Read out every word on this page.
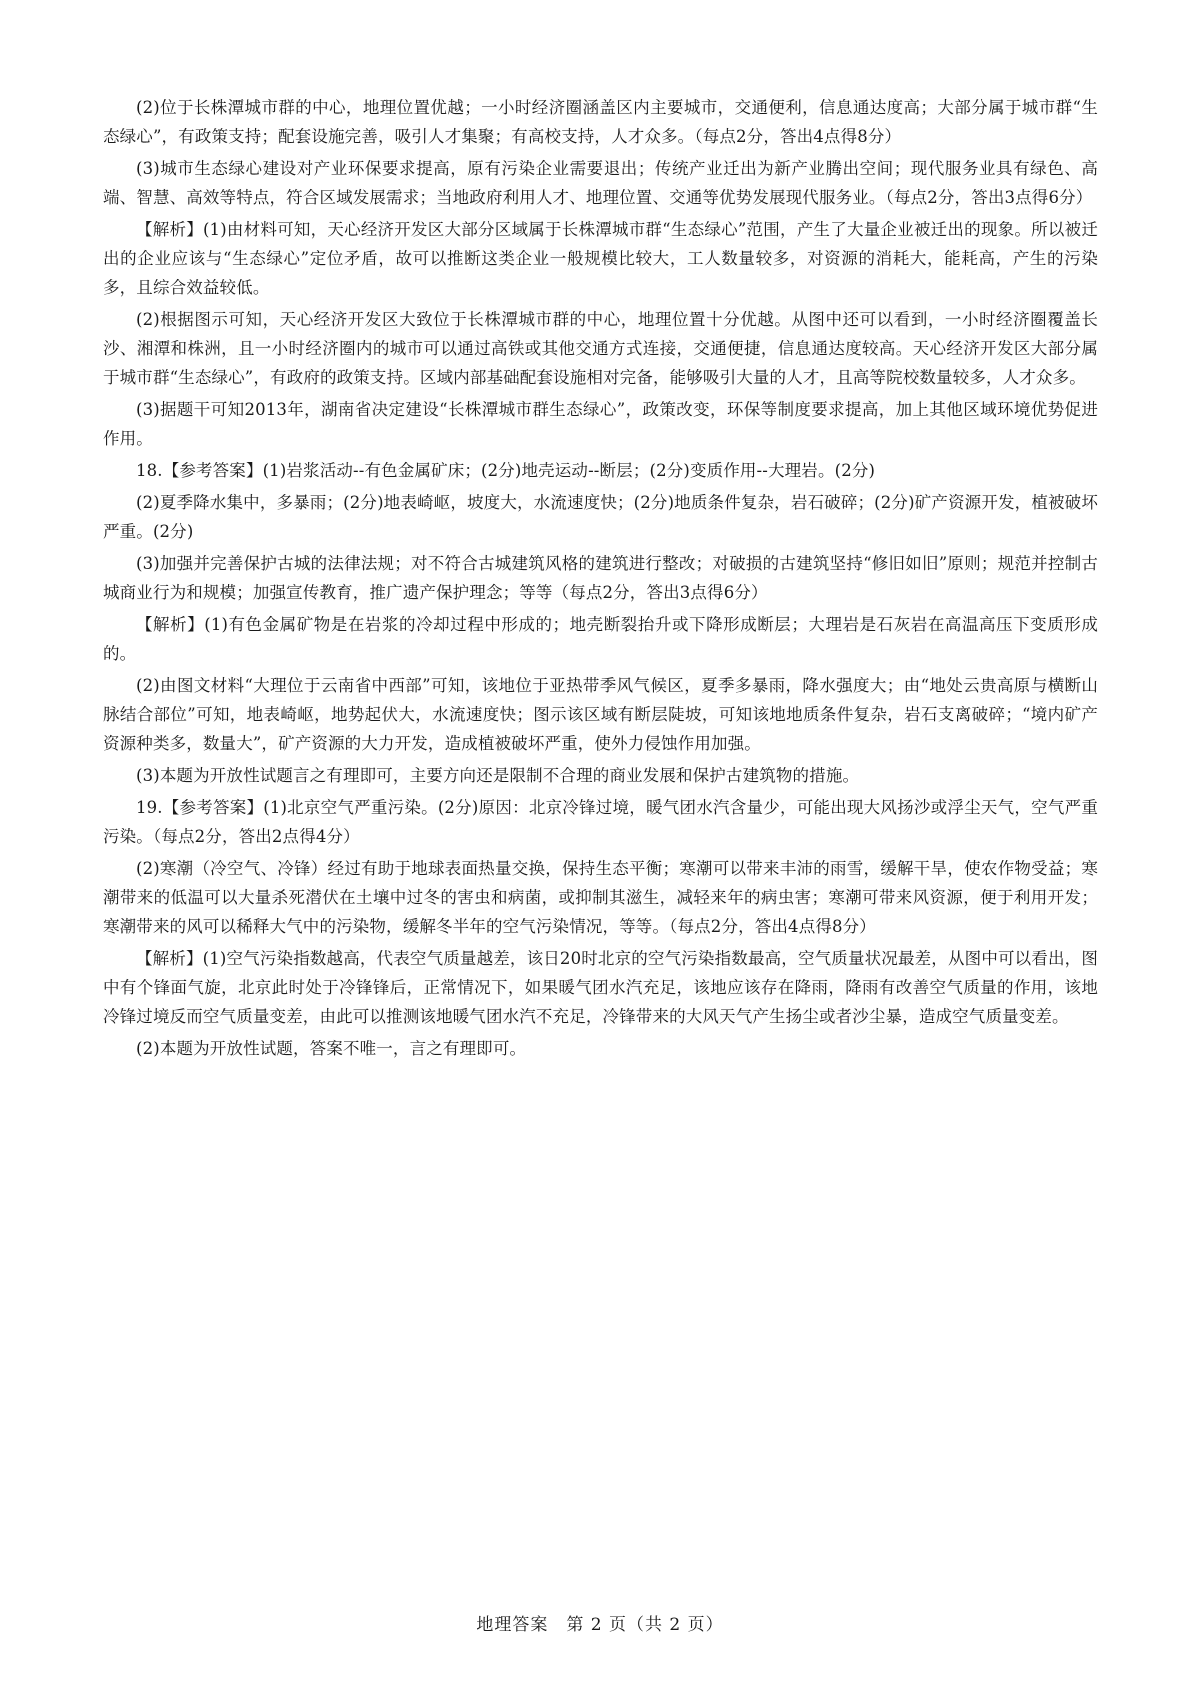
(2)位于长株潭城市群的中心，地理位置优越；一小时经济圈涵盖区内主要城市，交通便利，信息通达度高；大部分属于城市群“生态绿心”，有政策支持；配套设施完善，吸引人才集聚；有高校支持，人才众多。（每点2分，答出4点得8分）

(3)城市生态绿心建设对产业环保要求提高，原有污染企业需要退出；传统产业迁出为新产业腾出空间；现代服务业具有绿色、高端、智慧、高效等特点，符合区域发展需求；当地政府利用人才、地理位置、交通等优势发展现代服务业。（每点2分，答出3点得6分）

【解析】(1)由材料可知，天心经济开发区大部分区域属于长株潭城市群“生态绿心”范围，产生了大量企业被迁出的现象。所以被迁出的企业应该与“生态绿心”定位矛盾，故可以推断这类企业一般规模比较大，工人数量较多，对资源的消耗大，能耗高，产生的污染多，且综合效益较低。

(2)根据图示可知，天心经济开发区大致位于长株潭城市群的中心，地理位置十分优越。从图中还可以看到，一小时经济圈覆盖长沙、湘潭和株洲，且一小时经济圈内的城市可以通过高铁或其他交通方式连接，交通便捷，信息通达度较高。天心经济开发区大部分属于城市群“生态绿心”，有政府的政策支持。区域内部基础配套设施相对完备，能够吸引大量的人才，且高等院校数量较多，人才众多。

(3)据题干可知2013年，湖南省决定建设“长株潭城市群生态绿心”，政策改变，环保等制度要求提高，加上其他区域环境优势促进作用。

18.【参考答案】(1)岩浆活动--有色金属矿床；(2分)地壳运动--断层；(2分)变质作用--大理岩。(2分)

(2)夏季降水集中，多暴雨；(2分)地表崎岖，坡度大，水流速度快；(2分)地质条件复杂，岩石破碎；(2分)矿产资源开发，植被破坏严重。(2分)

(3)加强并完善保护古城的法律法规；对不符合古城建筑风格的建筑进行整改；对破损的古建筑坚持“修旧如旧”原则；规范并控制古城商业行为和规模；加强宣传教育，推广遗产保护理念；等等（每点2分，答出3点得6分）

【解析】(1)有色金属矿物是在岩浆的冷却过程中形成的；地壳断裂抬升或下降形成断层；大理岩是石灰岩在高温高压下变质形成的。

(2)由图文材料“大理位于云南省中西部”可知，该地位于亚热带季风气候区，夏季多暴雨，降水强度大；由“地处云贵高原与横断山脉结合部位”可知，地表崎岖，地势起伏大，水流速度快；图示该区域有断层陡坡，可知该地地质条件复杂，岩石支离破碎；“境内矿产资源种类多，数量大”，矿产资源的大力开发，造成植被破坏严重，使外力侵蚀作用加强。

(3)本题为开放性试题言之有理即可，主要方向还是限制不合理的商业发展和保护古建筑物的措施。

19.【参考答案】(1)北京空气严重污染。(2分)原因：北京冷锋过境，暖气团水汽含量少，可能出现大风扬沙或浮尘天气，空气严重污染。（每点2分，答出2点得4分）

(2)寒潮（冷空气、冷锋）经过有助于地球表面热量交换，保持生态平衡；寒潮可以带来丰沛的雨雪，缓解干旱，使农作物受益；寒潮带来的低温可以大量杀死潜伏在土壤中过冬的害虫和病菌，或抑制其滋生，减轻来年的病虫害；寒潮可带来风资源，便于利用开发；寒潮带来的风可以稀释大气中的污染物，缓解冬半年的空气污染情况，等等。（每点2分，答出4点得8分）

【解析】(1)空气污染指数越高，代表空气质量越差，该日20时北京的空气污染指数最高，空气质量状况最差，从图中可以看出，图中有个锋面气旋，北京此时处于冷锋锋后，正常情况下，如果暖气团水汽充足，该地应该存在降雨，降雨有改善空气质量的作用，该地冷锋过境反而空气质量变差，由此可以推测该地暖气团水汽不充足，冷锋带来的大风天气产生扬尘或者沙尘暴，造成空气质量变差。

(2)本题为开放性试题，答案不唯一，言之有理即可。

地理答案　第 2 页（共 2 页）
